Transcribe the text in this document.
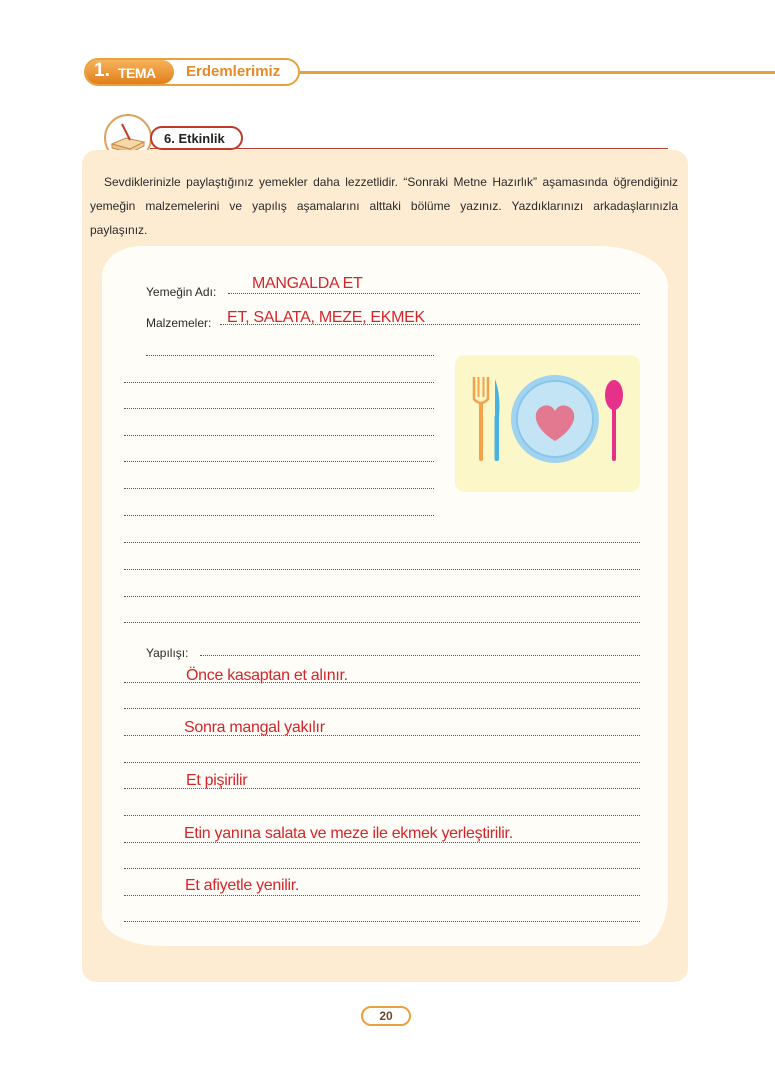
1. TEMA Erdemlerimiz
6. Etkinlik
Sevdiklerinizle paylaştığınız yemekler daha lezzetlidir. “Sonraki Metne Hazırlık” aşamasında öğrendiğiniz yemeğin malzemelerini ve yapılış aşamalarını alttaki bölüme yazınız. Yazdıklarınızı arkadaşlarınızla paylaşınız.
Yemeğin Adı: MANGALDA ET
Malzemeler: ET, SALATA, MEZE, EKMEK
Yapılışı:
Önce kasaptan et alınır.
Sonra mangal yakılır
Et pişirilir
Etin yanına salata ve meze ile ekmek yerleştirilir.
Et afiyetle yenilir.
20
